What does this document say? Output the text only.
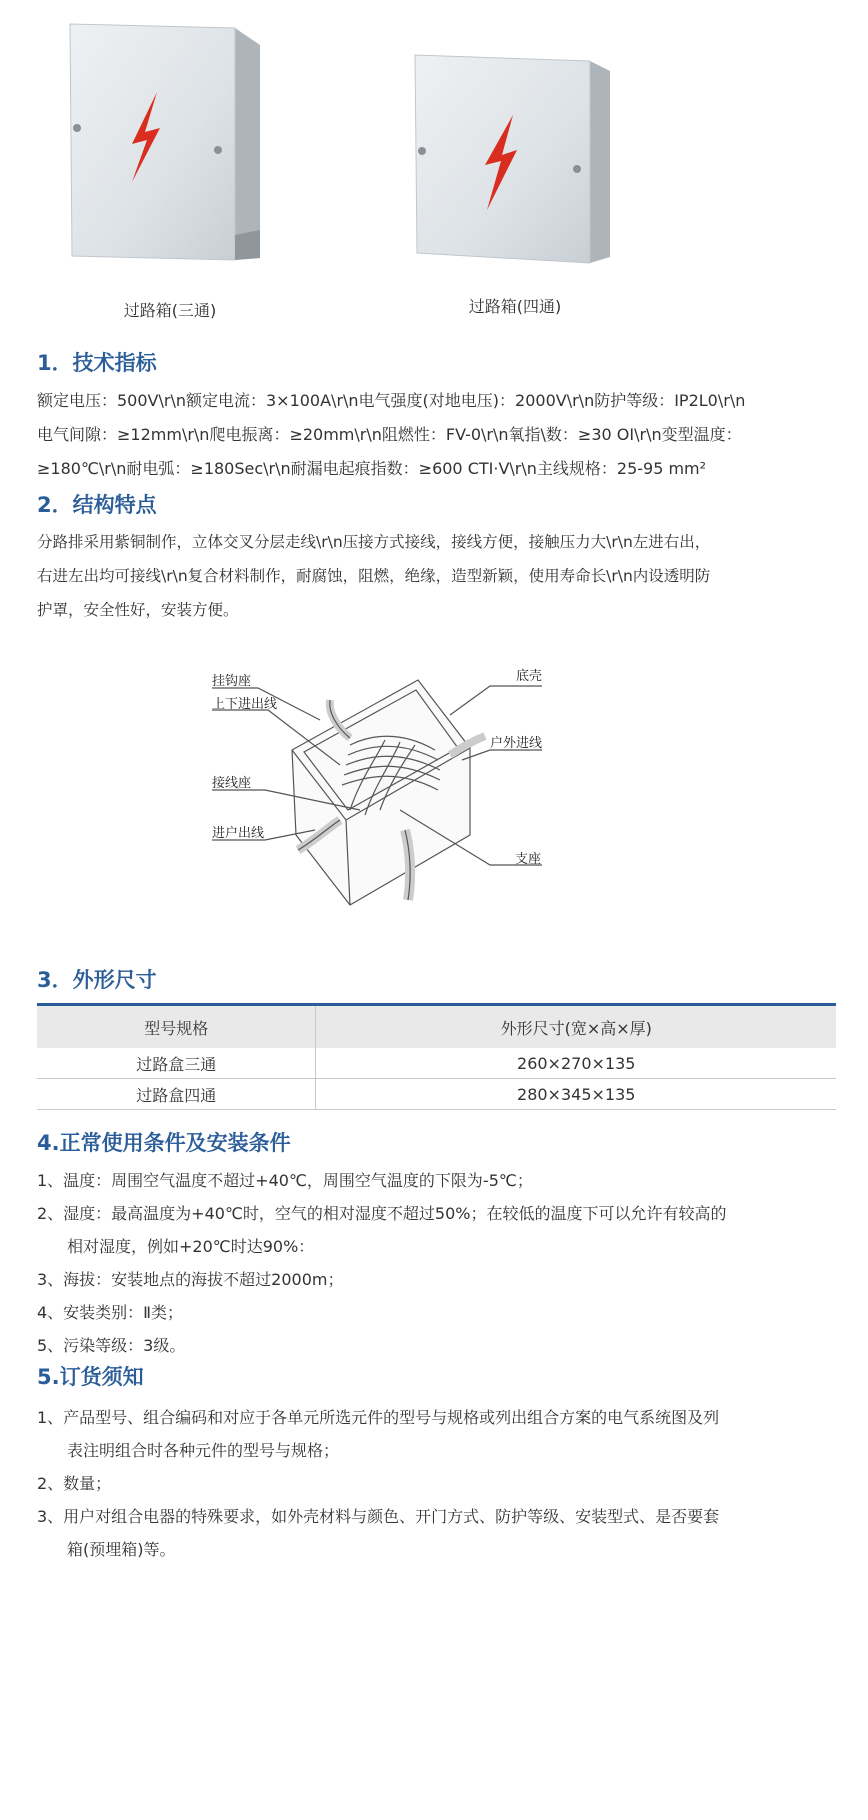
过路箱(三通)	过路箱(四通)
1．技术指标
额定电压：500V\r\n额定电流：3×100A\r\n电气强度(对地电压)：2000V\r\n防护等级：IP2L0\r\n
电气间隙：≥12mm\r\n爬电振离：≥20mm\r\n阻燃性：FV-0\r\n氧指\数：≥30 OI\r\n变型温度：
≥180℃\r\n耐电弧：≥180Sec\r\n耐漏电起痕指数：≥600 CTI·V\r\n主线规格：25-95 mm²
2．结构特点
分路排采用紫铜制作，立体交叉分层走线\r\n压接方式接线，接线方便，接触压力大\r\n左进右出，
右进左出均可接线\r\n复合材料制作，耐腐蚀，阻燃，绝缘，造型新颖，使用寿命长\r\n内设透明防
护罩，安全性好，安装方便。
挂钩座
上下进出线
接线座
进户出线
底壳
户外进线
支座
3．外形尺寸
型号规格	外形尺寸(宽×高×厚)
过路盒三通	260×270×135
过路盒四通	280×345×135
4.正常使用条件及安装条件
1、温度：周围空气温度不超过+40℃，周围空气温度的下限为-5℃；
2、湿度：最高温度为+40℃时，空气的相对湿度不超过50%；在较低的温度下可以允许有较高的
相对湿度，例如+20℃时达90%：
3、海拔：安装地点的海拔不超过2000m；
4、安装类别：Ⅱ类；
5、污染等级：3级。
5.订货须知
1、产品型号、组合编码和对应于各单元所选元件的型号与规格或列出组合方案的电气系统图及列
表注明组合时各种元件的型号与规格；
2、数量；
3、用户对组合电器的特殊要求，如外壳材料与颜色、开门方式、防护等级、安装型式、是否要套
箱(预埋箱)等。
